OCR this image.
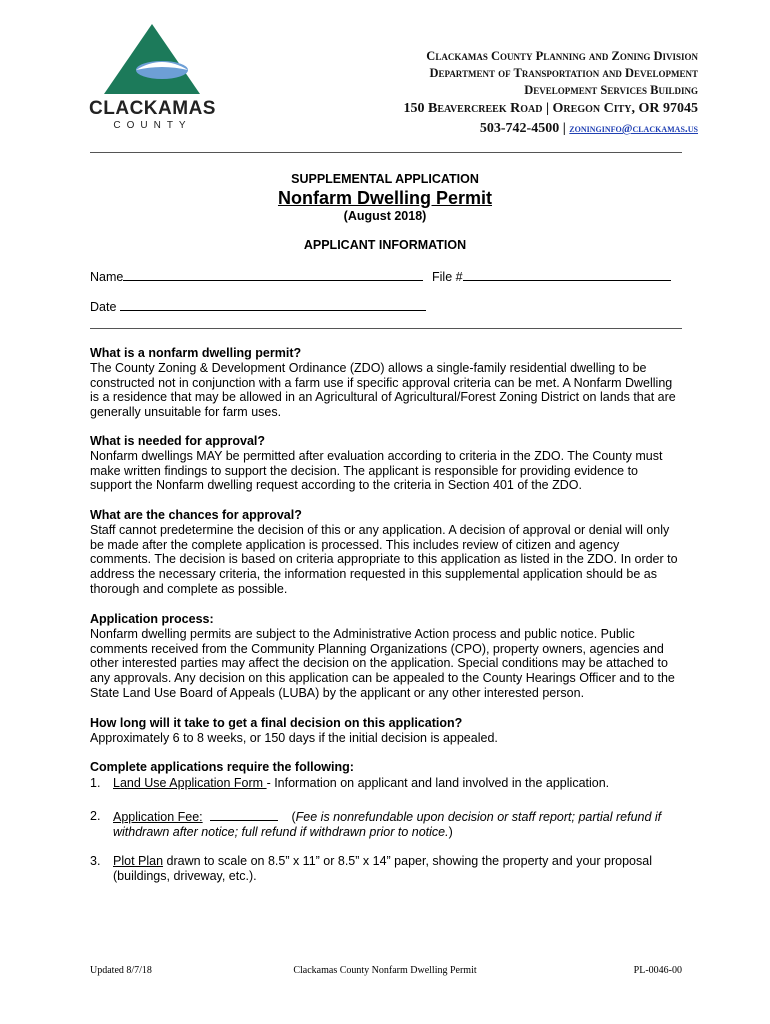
CLACKAMAS
COUNTY
Clackamas County Planning and Zoning Division
Department of Transportation and Development
Development Services Building
150 Beavercreek Road | Oregon City, OR 97045
503-742-4500 | zoninginfo@clackamas.us
SUPPLEMENTAL APPLICATION
Nonfarm Dwelling Permit
(August 2018)
APPLICANT INFORMATION
Name	File #
Date

What is a nonfarm dwelling permit?

The County Zoning & Development Ordinance (ZDO) allows a single-family residential dwelling to be constructed not in conjunction with a farm use if specific approval criteria can be met. A Nonfarm Dwelling is a residence that may be allowed in an Agricultural of Agricultural/Forest Zoning District on lands that are generally unsuitable for farm uses.

What is needed for approval?

Nonfarm dwellings MAY be permitted after evaluation according to criteria in the ZDO. The County must make written findings to support the decision. The applicant is responsible for providing evidence to support the Nonfarm dwelling request according to the criteria in Section 401 of the ZDO.

What are the chances for approval?

Staff cannot predetermine the decision of this or any application. A decision of approval or denial will only be made after the complete application is processed. This includes review of citizen and agency comments. The decision is based on criteria appropriate to this application as listed in the ZDO. In order to address the necessary criteria, the information requested in this supplemental application should be as thorough and complete as possible.

Application process:

Nonfarm dwelling permits are subject to the Administrative Action process and public notice. Public comments received from the Community Planning Organizations (CPO), property owners, agencies and other interested parties may affect the decision on the application. Special conditions may be attached to any approvals. Any decision on this application can be appealed to the County Hearings Officer and to the State Land Use Board of Appeals (LUBA) by the applicant or any other interested person.

How long will it take to get a final decision on this application?

Approximately 6 to 8 weeks, or 150 days if the initial decision is appealed.

Complete applications require the following:

1. Land Use Application Form - Information on applicant and land involved in the application.
2. Application Fee:	(Fee is nonrefundable upon decision or staff report; partial refund if withdrawn after notice; full refund if withdrawn prior to notice.)
3. Plot Plan drawn to scale on 8.5” x 11” or 8.5” x 14” paper, showing the property and your proposal (buildings, driveway, etc.).
Updated 8/7/18	Clackamas County Nonfarm Dwelling Permit	PL-0046-00
